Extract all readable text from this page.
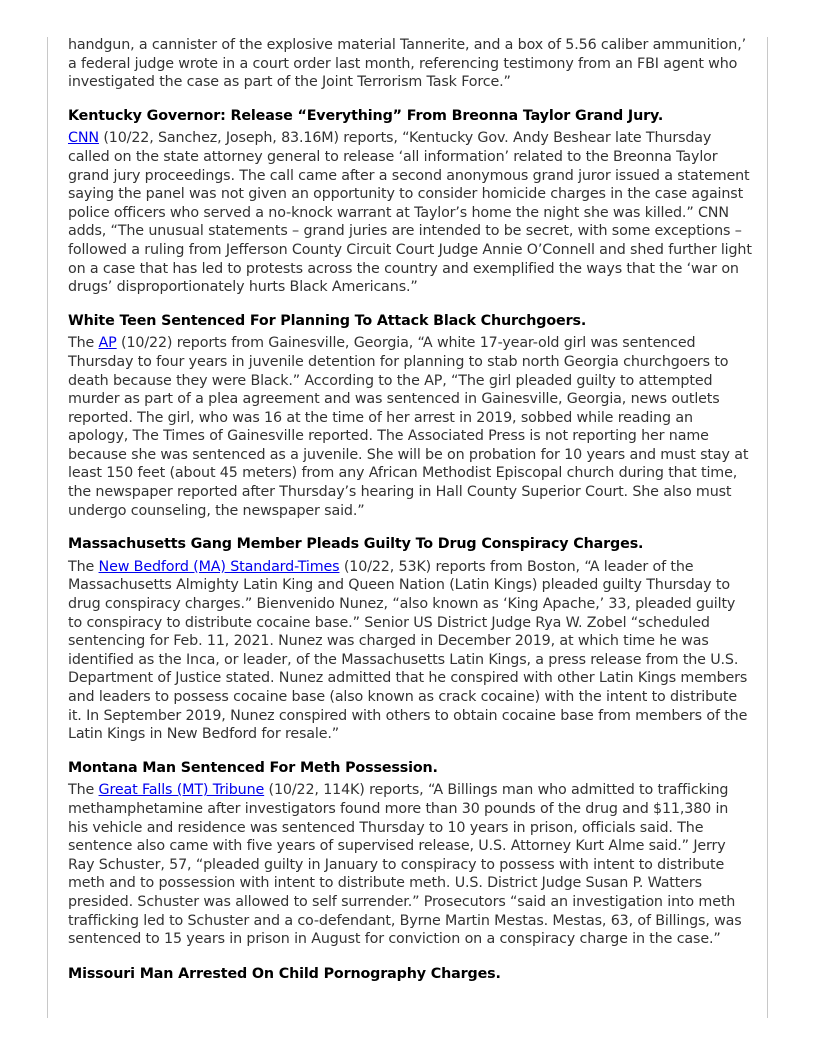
handgun, a cannister of the explosive material Tannerite, and a box of 5.56 caliber ammunition,’ a federal judge wrote in a court order last month, referencing testimony from an FBI agent who investigated the case as part of the Joint Terrorism Task Force.”

Kentucky Governor: Release “Everything” From Breonna Taylor Grand Jury.

CNN (10/22, Sanchez, Joseph, 83.16M) reports, “Kentucky Gov. Andy Beshear late Thursday called on the state attorney general to release ‘all information’ related to the Breonna Taylor grand jury proceedings. The call came after a second anonymous grand juror issued a statement saying the panel was not given an opportunity to consider homicide charges in the case against police officers who served a no-knock warrant at Taylor’s home the night she was killed.” CNN adds, “The unusual statements – grand juries are intended to be secret, with some exceptions – followed a ruling from Jefferson County Circuit Court Judge Annie O’Connell and shed further light on a case that has led to protests across the country and exemplified the ways that the ‘war on drugs’ disproportionately hurts Black Americans.”

White Teen Sentenced For Planning To Attack Black Churchgoers.

The AP (10/22) reports from Gainesville, Georgia, “A white 17-year-old girl was sentenced Thursday to four years in juvenile detention for planning to stab north Georgia churchgoers to death because they were Black.” According to the AP, “The girl pleaded guilty to attempted murder as part of a plea agreement and was sentenced in Gainesville, Georgia, news outlets reported. The girl, who was 16 at the time of her arrest in 2019, sobbed while reading an apology, The Times of Gainesville reported. The Associated Press is not reporting her name because she was sentenced as a juvenile. She will be on probation for 10 years and must stay at least 150 feet (about 45 meters) from any African Methodist Episcopal church during that time, the newspaper reported after Thursday’s hearing in Hall County Superior Court. She also must undergo counseling, the newspaper said.”

Massachusetts Gang Member Pleads Guilty To Drug Conspiracy Charges.

The New Bedford (MA) Standard-Times (10/22, 53K) reports from Boston, “A leader of the Massachusetts Almighty Latin King and Queen Nation (Latin Kings) pleaded guilty Thursday to drug conspiracy charges.” Bienvenido Nunez, “also known as ‘King Apache,’ 33, pleaded guilty to conspiracy to distribute cocaine base.” Senior US District Judge Rya W. Zobel “scheduled sentencing for Feb. 11, 2021. Nunez was charged in December 2019, at which time he was identified as the Inca, or leader, of the Massachusetts Latin Kings, a press release from the U.S. Department of Justice stated. Nunez admitted that he conspired with other Latin Kings members and leaders to possess cocaine base (also known as crack cocaine) with the intent to distribute it. In September 2019, Nunez conspired with others to obtain cocaine base from members of the Latin Kings in New Bedford for resale.”

Montana Man Sentenced For Meth Possession.

The Great Falls (MT) Tribune (10/22, 114K) reports, “A Billings man who admitted to trafficking methamphetamine after investigators found more than 30 pounds of the drug and $11,380 in his vehicle and residence was sentenced Thursday to 10 years in prison, officials said. The sentence also came with five years of supervised release, U.S. Attorney Kurt Alme said.” Jerry Ray Schuster, 57, “pleaded guilty in January to conspiracy to possess with intent to distribute meth and to possession with intent to distribute meth. U.S. District Judge Susan P. Watters presided. Schuster was allowed to self surrender.” Prosecutors “said an investigation into meth trafficking led to Schuster and a co-defendant, Byrne Martin Mestas. Mestas, 63, of Billings, was sentenced to 15 years in prison in August for conviction on a conspiracy charge in the case.”

Missouri Man Arrested On Child Pornography Charges.
